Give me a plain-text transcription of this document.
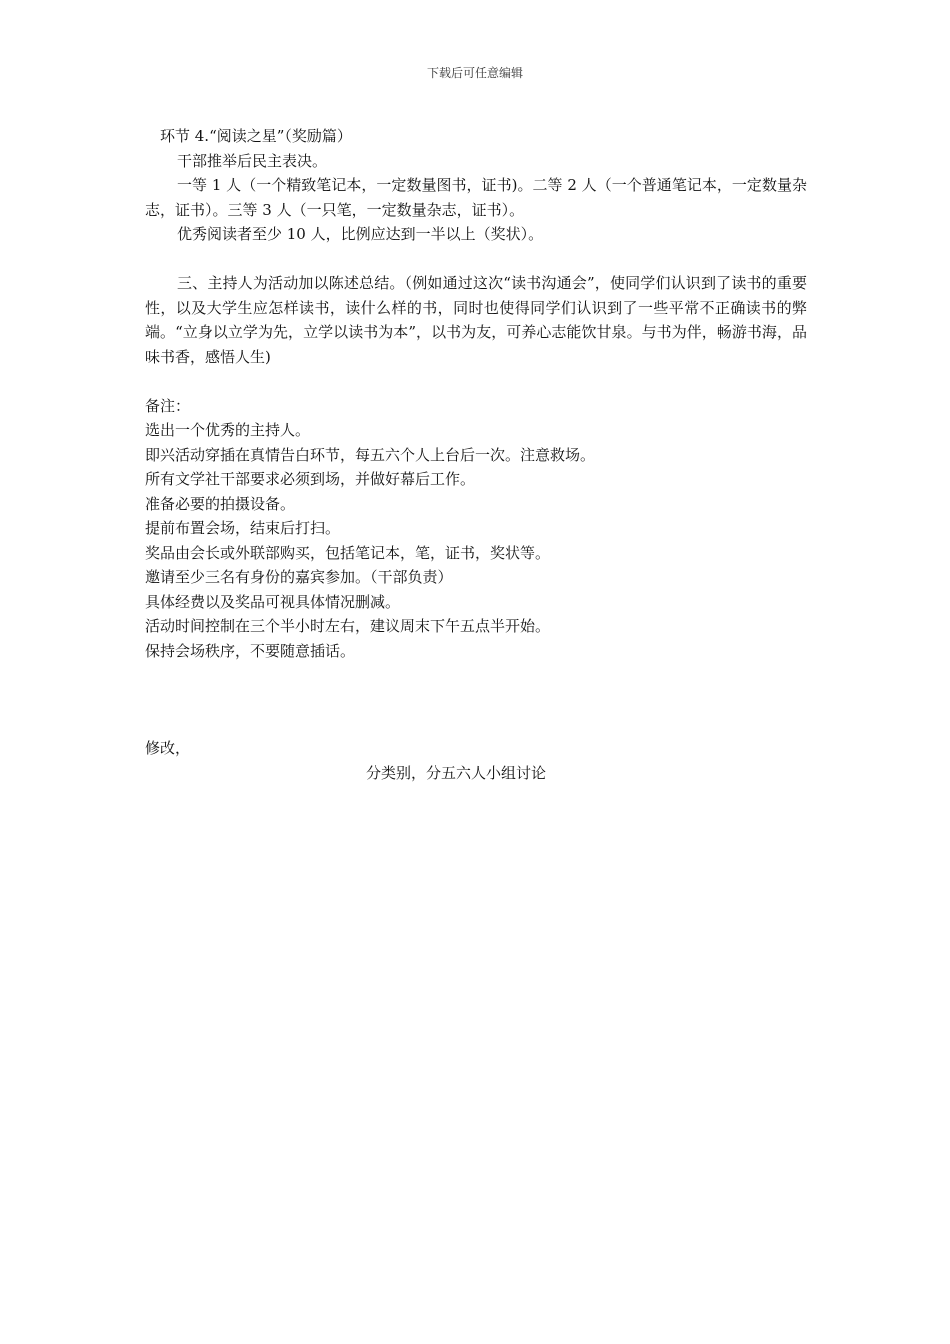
下载后可任意编辑

环节 4.“阅读之星”（奖励篇）

干部推举后民主表决。

一等 1 人（一个精致笔记本，一定数量图书，证书)。二等 2 人（一个普通笔记本，一定数量杂志，证书）。三等 3 人（一只笔，一定数量杂志，证书）。

优秀阅读者至少 10 人，比例应达到一半以上（奖状）。

三、主持人为活动加以陈述总结。（例如通过这次“读书沟通会”，使同学们认识到了读书的重要性，以及大学生应怎样读书，读什么样的书，同时也使得同学们认识到了一些平常不正确读书的弊端。“立身以立学为先，立学以读书为本”，以书为友，可养心志能饮甘泉。与书为伴，畅游书海，品味书香，感悟人生)

备注：

选出一个优秀的主持人。

即兴活动穿插在真情告白环节，每五六个人上台后一次。注意救场。

所有文学社干部要求必须到场，并做好幕后工作。

准备必要的拍摄设备。

提前布置会场，结束后打扫。

奖品由会长或外联部购买，包括笔记本，笔，证书，奖状等。

邀请至少三名有身份的嘉宾参加。（干部负责）

具体经费以及奖品可视具体情况删减。

活动时间控制在三个半小时左右，建议周末下午五点半开始。

保持会场秩序，不要随意插话。

修改，

分类别，分五六人小组讨论
